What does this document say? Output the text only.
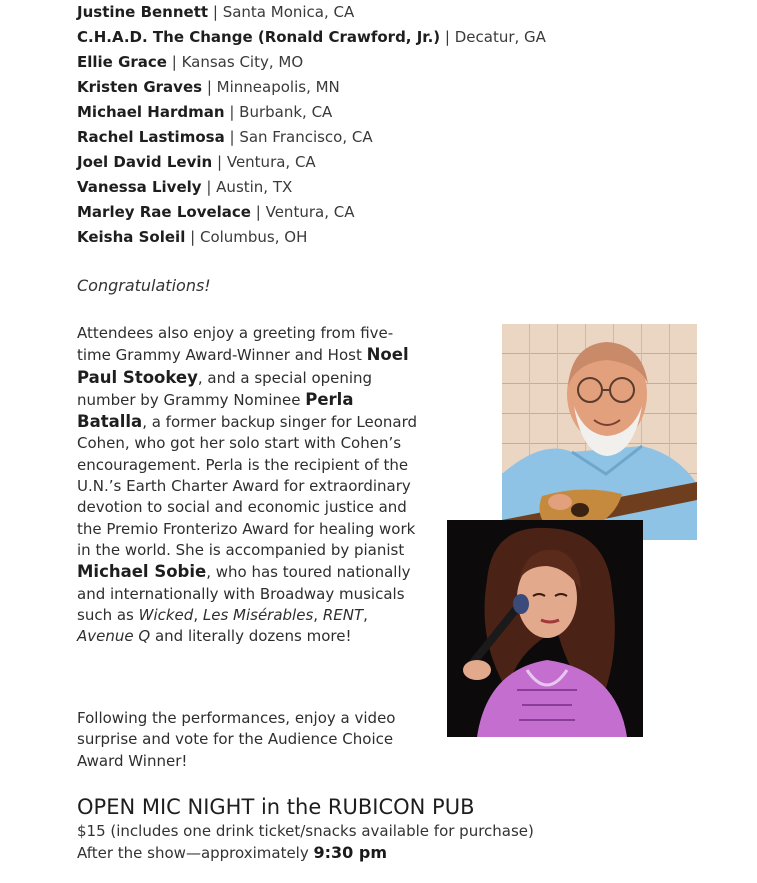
Justine Bennett | Santa Monica, CA
C.H.A.D. The Change (Ronald Crawford, Jr.) | Decatur, GA
Ellie Grace | Kansas City, MO
Kristen Graves | Minneapolis, MN
Michael Hardman | Burbank, CA
Rachel Lastimosa | San Francisco, CA
Joel David Levin | Ventura, CA
Vanessa Lively | Austin, TX
Marley Rae Lovelace | Ventura, CA
Keisha Soleil | Columbus, OH

Congratulations!

Attendees also enjoy a greeting from five-time Grammy Award-Winner and Host Noel Paul Stookey, and a special opening number by Grammy Nominee Perla Batalla, a former backup singer for Leonard Cohen, who got her solo start with Cohen’s encouragement. Perla is the recipient of the U.N.’s Earth Charter Award for extraordinary devotion to social and economic justice and the Premio Fronterizo Award for healing work in the world. She is accompanied by pianist Michael Sobie, who has toured nationally and internationally with Broadway musicals such as Wicked, Les Misérables, RENT, Avenue Q and literally dozens more!

Following the performances, enjoy a video surprise and vote for the Audience Choice Award Winner!

OPEN MIC NIGHT in the RUBICON PUB

$15 (includes one drink ticket/snacks available for purchase)

After the show—approximately 9:30 pm
